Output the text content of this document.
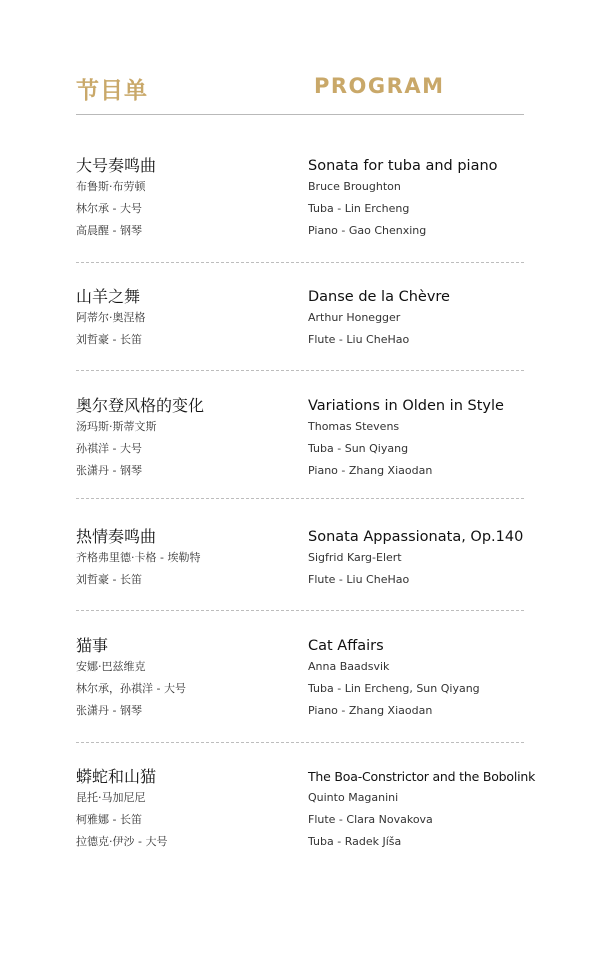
节目单	PROGRAM
大号奏鸣曲
布鲁斯·布劳顿
林尔承 - 大号
高晨醒 - 钢琴
Sonata for tuba and piano
Bruce Broughton
Tuba - Lin Ercheng
Piano - Gao Chenxing
山羊之舞
阿蒂尔·奥涅格
刘哲豪 - 长笛
Danse de la Chèvre
Arthur Honegger
Flute - Liu CheHao
奥尔登风格的变化
汤玛斯·斯蒂文斯
孙祺洋 - 大号
张潇丹 - 钢琴
Variations in Olden in Style
Thomas Stevens
Tuba - Sun Qiyang
Piano - Zhang Xiaodan
热情奏鸣曲
齐格弗里德·卡格 - 埃勒特
刘哲豪 - 长笛
Sonata Appassionata, Op.140
Sigfrid Karg-Elert
Flute - Liu CheHao
猫事
安娜·巴兹维克
林尔承，孙祺洋 - 大号
张潇丹 - 钢琴
Cat Affairs
Anna Baadsvik
Tuba - Lin Ercheng, Sun Qiyang
Piano - Zhang Xiaodan
蟒蛇和山猫
昆托·马加尼尼
柯雅娜 - 长笛
拉德克·伊沙 - 大号
The Boa-Constrictor and the Bobolink
Quinto Maganini
Flute - Clara Novakova
Tuba - Radek Jíša
